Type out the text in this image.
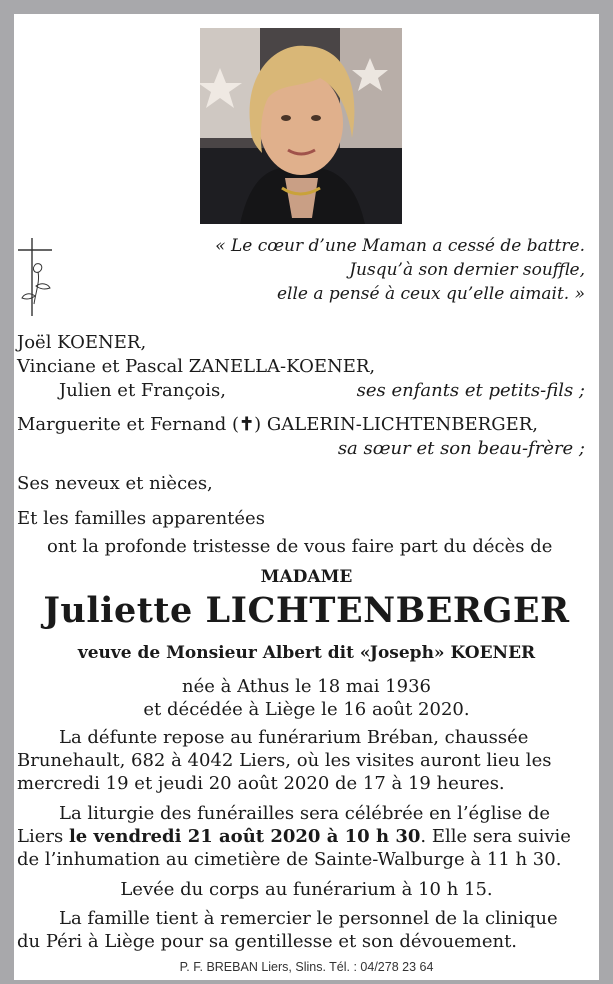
« Le cœur d’une Maman a cessé de battre.
Jusqu’à son dernier souffle,
elle a pensé à ceux qu’elle aimait. »
Joël KOENER,
Vinciane et Pascal ZANELLA-KOENER,
Julien et François,	ses enfants et petits-fils ;
Marguerite et Fernand (✝) GALERIN-LICHTENBERGER,
sa sœur et son beau-frère ;
Ses neveux et nièces,
Et les familles apparentées
ont la profonde tristesse de vous faire part du décès de
MADAME
Juliette LICHTENBERGER
veuve de Monsieur Albert dit «Joseph» KOENER
née à Athus le 18 mai 1936
et décédée à Liège le 16 août 2020.
La défunte repose au funérarium Bréban, chaussée
Brunehault, 682 à 4042 Liers, où les visites auront lieu les
mercredi 19 et jeudi 20 août 2020 de 17 à 19 heures.
La liturgie des funérailles sera célébrée en l’église de
Liers le vendredi 21 août 2020 à 10 h 30. Elle sera suivie
de l’inhumation au cimetière de Sainte-Walburge à 11 h 30.
Levée du corps au funérarium à 10 h 15.
La famille tient à remercier le personnel de la clinique
du Péri à Liège pour sa gentillesse et son dévouement.
P. F. BREBAN Liers, Slins. Tél. : 04/278 23 64
